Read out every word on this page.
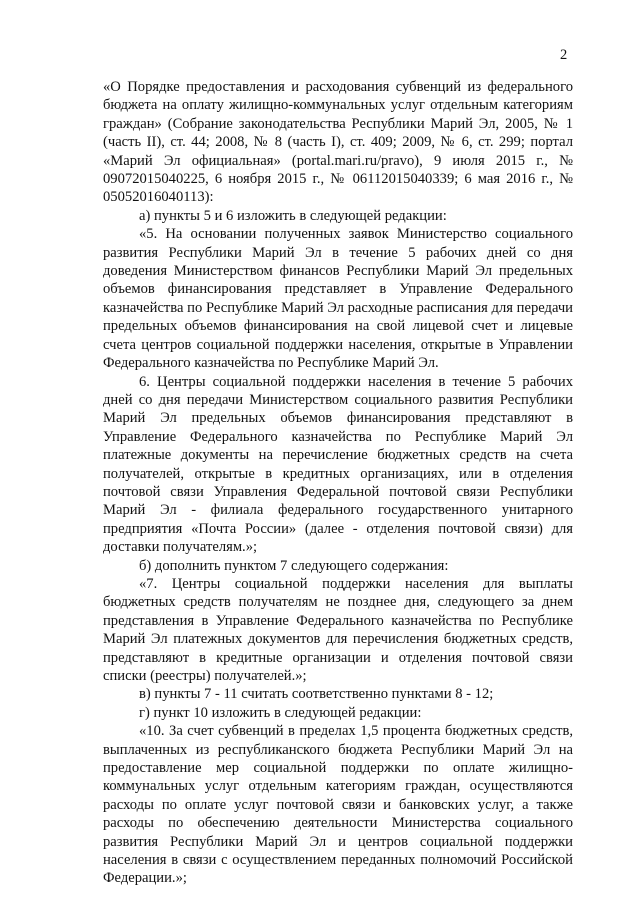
2

«О Порядке предоставления и расходования субвенций из федерального бюджета на оплату жилищно-коммунальных услуг отдельным категориям граждан» (Собрание законодательства Республики Марий Эл, 2005, № 1 (часть II), ст. 44; 2008, № 8 (часть I), ст. 409; 2009, № 6, ст. 299; портал «Марий Эл официальная» (portal.mari.ru/pravo), 9 июля 2015 г., № 09072015040225, 6 ноября 2015 г., № 06112015040339; 6 мая 2016 г., № 05052016040113):

а) пункты 5 и 6 изложить в следующей редакции:

«5. На основании полученных заявок Министерство социального развития Республики Марий Эл в течение 5 рабочих дней со дня доведения Министерством финансов Республики Марий Эл предельных объемов финансирования представляет в Управление Федерального казначейства по Республике Марий Эл расходные расписания для передачи предельных объемов финансирования на свой лицевой счет и лицевые счета центров социальной поддержки населения, открытые в Управлении Федерального казначейства по Республике Марий Эл.

6. Центры социальной поддержки населения в течение 5 рабочих дней со дня передачи Министерством социального развития Республики Марий Эл предельных объемов финансирования представляют в Управление Федерального казначейства по Республике Марий Эл платежные документы на перечисление бюджетных средств на счета получателей, открытые в кредитных организациях, или в отделения почтовой связи Управления Федеральной почтовой связи Республики Марий Эл - филиала федерального государственного унитарного предприятия «Почта России» (далее - отделения почтовой связи) для доставки получателям.»;

б) дополнить пунктом 7 следующего содержания:

«7. Центры социальной поддержки населения для выплаты бюджетных средств получателям не позднее дня, следующего за днем представления в Управление Федерального казначейства по Республике Марий Эл платежных документов для перечисления бюджетных средств, представляют в кредитные организации и отделения почтовой связи списки (реестры) получателей.»;

в) пункты 7 - 11 считать соответственно пунктами 8 - 12;

г) пункт 10 изложить в следующей редакции:

«10. За счет субвенций в пределах 1,5 процента бюджетных средств, выплаченных из республиканского бюджета Республики Марий Эл на предоставление мер социальной поддержки по оплате жилищно-коммунальных услуг отдельным категориям граждан, осуществляются расходы по оплате услуг почтовой связи и банковских услуг, а также расходы по обеспечению деятельности Министерства социального развития Республики Марий Эл и центров социальной поддержки населения в связи с осуществлением переданных полномочий Российской Федерации.»;
